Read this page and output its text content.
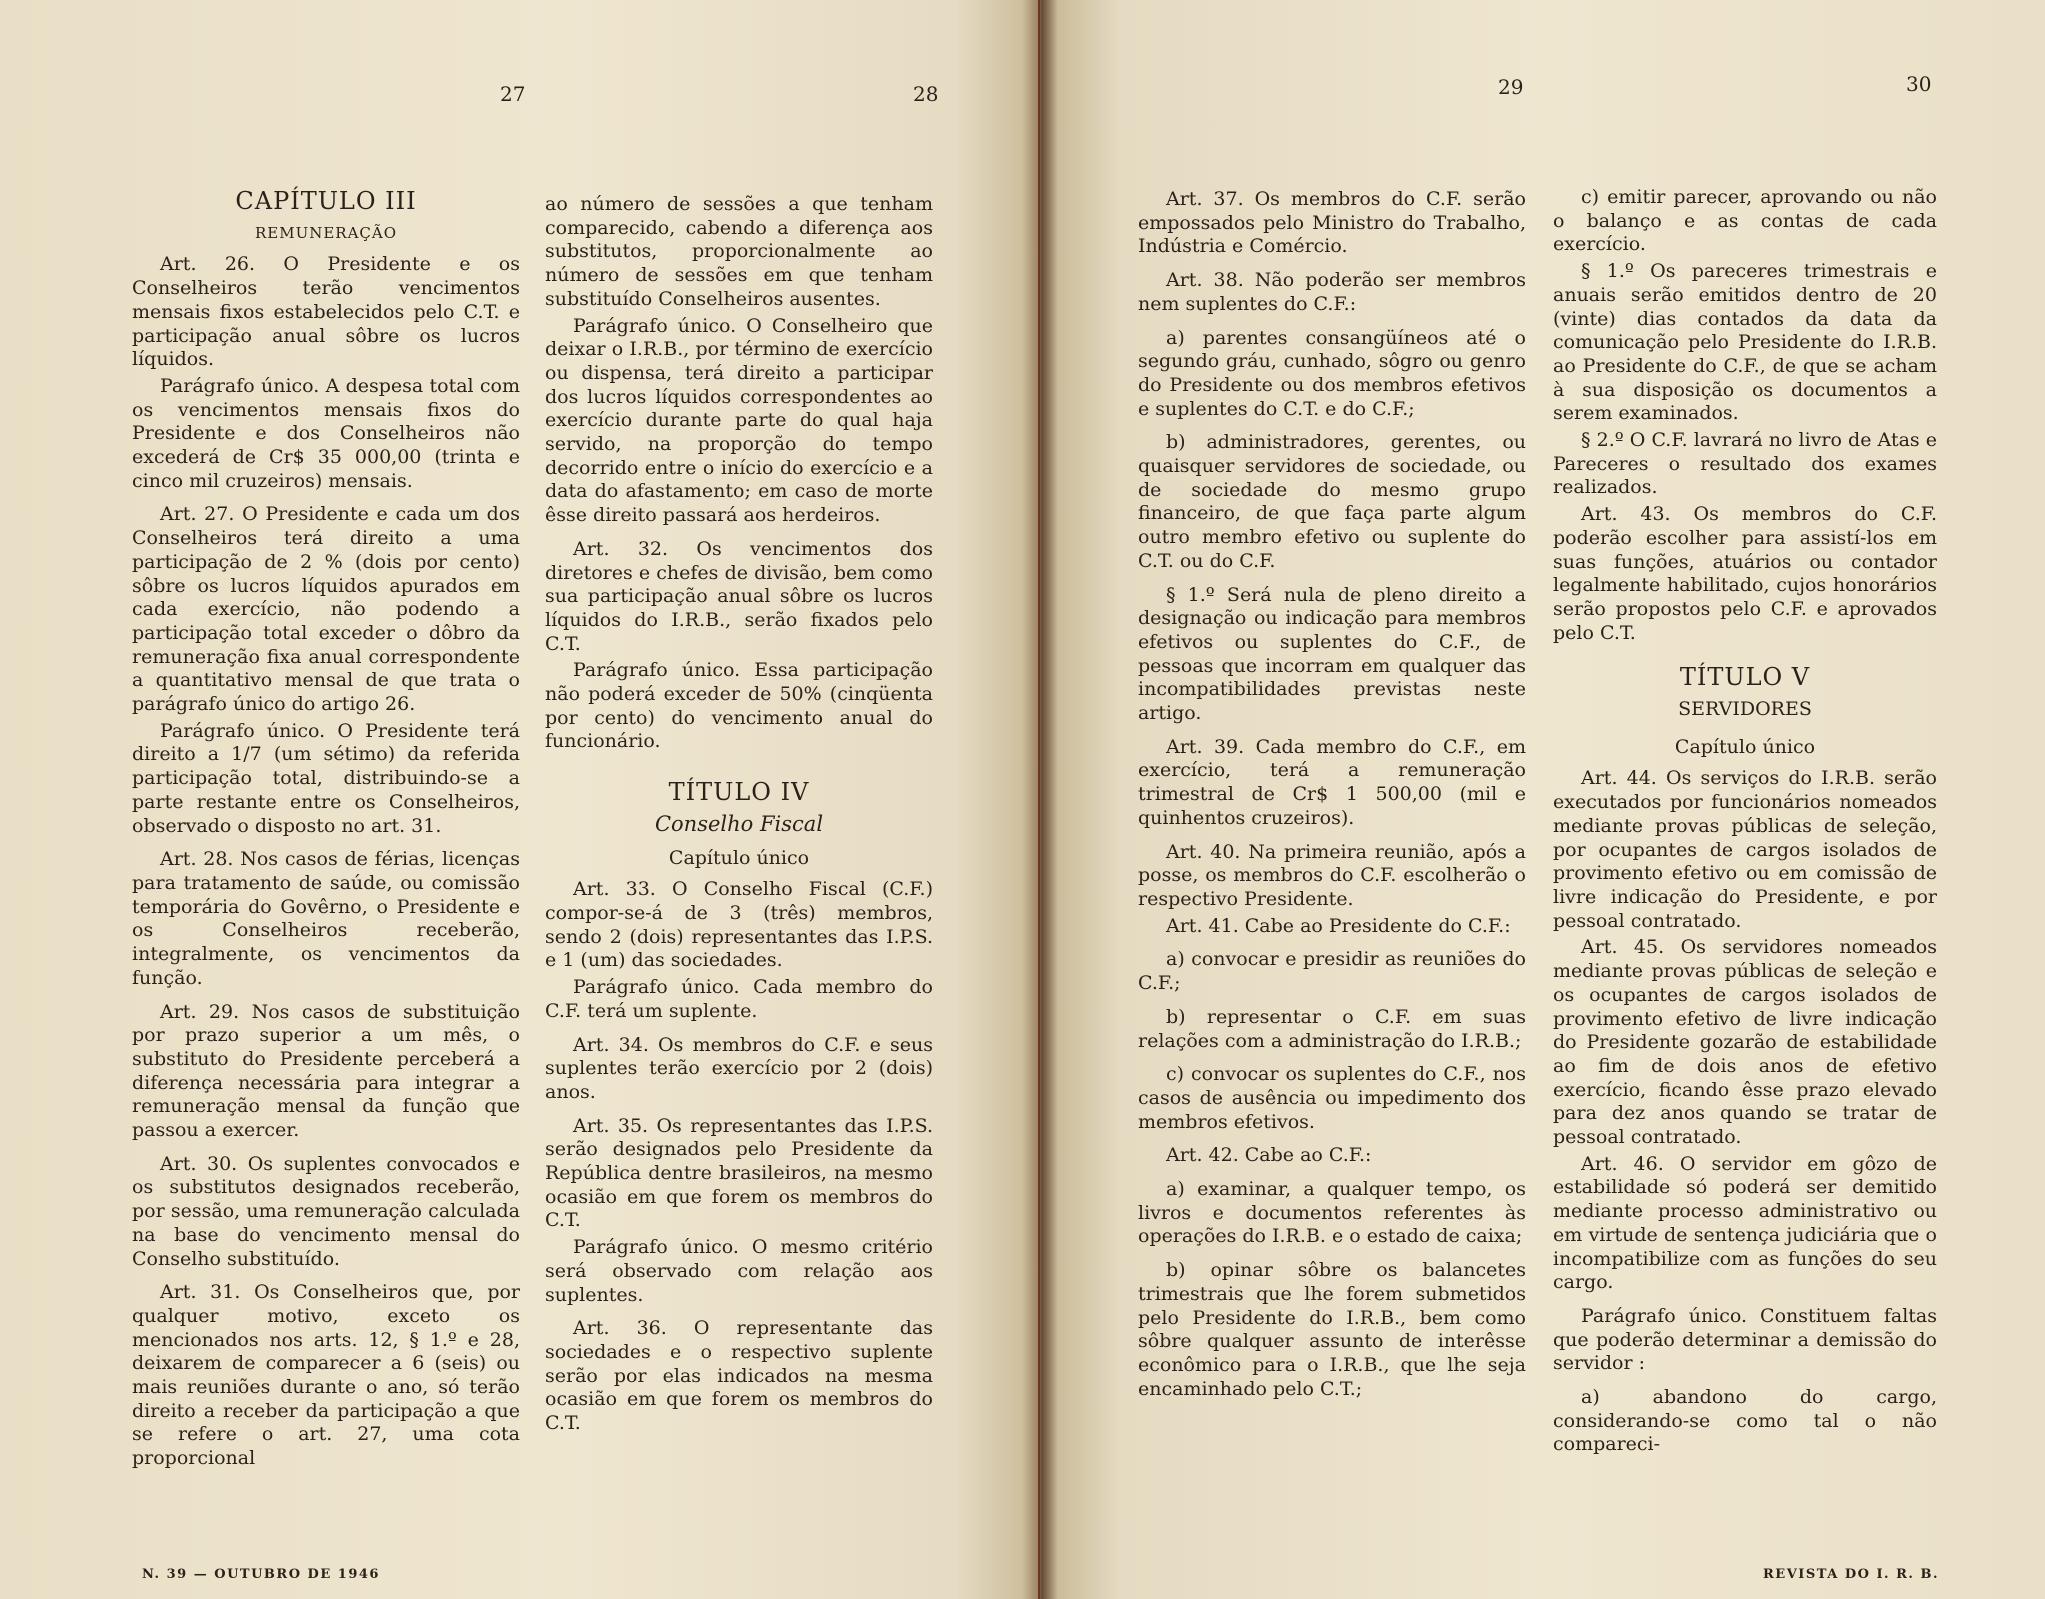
27	28	29	30
CAPÍTULO III
REMUNERAÇÃO

Art. 26. O Presidente e os Conselheiros terão vencimentos mensais fixos estabelecidos pelo C.T. e participação anual sôbre os lucros líquidos.

Parágrafo único. A despesa total com os vencimentos mensais fixos do Presidente e dos Conselheiros não excederá de Cr$ 35 000,00 (trinta e cinco mil cruzeiros) mensais.

Art. 27. O Presidente e cada um dos Conselheiros terá direito a uma participação de 2 % (dois por cento) sôbre os lucros líquidos apurados em cada exercício, não podendo a participação total exceder o dôbro da remuneração fixa anual correspondente a quantitativo mensal de que trata o parágrafo único do artigo 26.

Parágrafo único. O Presidente terá direito a 1/7 (um sétimo) da referida participação total, distribuindo-se a parte restante entre os Conselheiros, observado o disposto no art. 31.

Art. 28. Nos casos de férias, licenças para tratamento de saúde, ou comissão temporária do Govêrno, o Presidente e os Conselheiros receberão, integralmente, os vencimentos da função.

Art. 29. Nos casos de substituição por prazo superior a um mês, o substituto do Presidente perceberá a diferença necessária para integrar a remuneração mensal da função que passou a exercer.

Art. 30. Os suplentes convocados e os substitutos designados receberão, por sessão, uma remuneração calculada na base do vencimento mensal do Conselho substituído.

Art. 31. Os Conselheiros que, por qualquer motivo, exceto os mencionados nos arts. 12, § 1.º e 28, deixarem de comparecer a 6 (seis) ou mais reuniões durante o ano, só terão direito a receber da participação a que se refere o art. 27, uma cota proporcional

ao número de sessões a que tenham comparecido, cabendo a diferença aos substitutos, proporcionalmente ao número de sessões em que tenham substituído Conselheiros ausentes.

Parágrafo único. O Conselheiro que deixar o I.R.B., por término de exercício ou dispensa, terá direito a participar dos lucros líquidos correspondentes ao exercício durante parte do qual haja servido, na proporção do tempo decorrido entre o início do exercício e a data do afastamento; em caso de morte êsse direito passará aos herdeiros.

Art. 32. Os vencimentos dos diretores e chefes de divisão, bem como sua participação anual sôbre os lucros líquidos do I.R.B., serão fixados pelo C.T.

Parágrafo único. Essa participação não poderá exceder de 50% (cinqüenta por cento) do vencimento anual do funcionário.

TÍTULO IV
Conselho Fiscal
Capítulo único

Art. 33. O Conselho Fiscal (C.F.) compor-se-á de 3 (três) membros, sendo 2 (dois) representantes das I.P.S. e 1 (um) das sociedades.

Parágrafo único. Cada membro do C.F. terá um suplente.

Art. 34. Os membros do C.F. e seus suplentes terão exercício por 2 (dois) anos.

Art. 35. Os representantes das I.P.S. serão designados pelo Presidente da República dentre brasileiros, na mesmo ocasião em que forem os membros do C.T.

Parágrafo único. O mesmo critério será observado com relação aos suplentes.

Art. 36. O representante das sociedades e o respectivo suplente serão por elas indicados na mesma ocasião em que forem os membros do C.T.

Art. 37. Os membros do C.F. serão empossados pelo Ministro do Trabalho, Indústria e Comércio.

Art. 38. Não poderão ser membros nem suplentes do C.F.:

a) parentes consangüíneos até o segundo gráu, cunhado, sôgro ou genro do Presidente ou dos membros efetivos e suplentes do C.T. e do C.F.;

b) administradores, gerentes, ou quaisquer servidores de sociedade, ou de sociedade do mesmo grupo financeiro, de que faça parte algum outro membro efetivo ou suplente do C.T. ou do C.F.

§ 1.º Será nula de pleno direito a designação ou indicação para membros efetivos ou suplentes do C.F., de pessoas que incorram em qualquer das incompatibilidades previstas neste artigo.

Art. 39. Cada membro do C.F., em exercício, terá a remuneração trimestral de Cr$ 1 500,00 (mil e quinhentos cruzeiros).

Art. 40. Na primeira reunião, após a posse, os membros do C.F. escolherão o respectivo Presidente.

Art. 41. Cabe ao Presidente do C.F.:

a) convocar e presidir as reuniões do C.F.;

b) representar o C.F. em suas relações com a administração do I.R.B.;

c) convocar os suplentes do C.F., nos casos de ausência ou impedimento dos membros efetivos.

Art. 42. Cabe ao C.F.:

a) examinar, a qualquer tempo, os livros e documentos referentes às operações do I.R.B. e o estado de caixa;

b) opinar sôbre os balancetes trimestrais que lhe forem submetidos pelo Presidente do I.R.B., bem como sôbre qualquer assunto de interêsse econômico para o I.R.B., que lhe seja encaminhado pelo C.T.;

c) emitir parecer, aprovando ou não o balanço e as contas de cada exercício.

§ 1.º Os pareceres trimestrais e anuais serão emitidos dentro de 20 (vinte) dias contados da data da comunicação pelo Presidente do I.R.B. ao Presidente do C.F., de que se acham à sua disposição os documentos a serem examinados.

§ 2.º O C.F. lavrará no livro de Atas e Pareceres o resultado dos exames realizados.

Art. 43. Os membros do C.F. poderão escolher para assistí-los em suas funções, atuários ou contador legalmente habilitado, cujos honorários serão propostos pelo C.F. e aprovados pelo C.T.

TÍTULO V
SERVIDORES
Capítulo único

Art. 44. Os serviços do I.R.B. serão executados por funcionários nomeados mediante provas públicas de seleção, por ocupantes de cargos isolados de provimento efetivo ou em comissão de livre indicação do Presidente, e por pessoal contratado.

Art. 45. Os servidores nomeados mediante provas públicas de seleção e os ocupantes de cargos isolados de provimento efetivo de livre indicação do Presidente gozarão de estabilidade ao fim de dois anos de efetivo exercício, ficando êsse prazo elevado para dez anos quando se tratar de pessoal contratado.

Art. 46. O servidor em gôzo de estabilidade só poderá ser demitido mediante processo administrativo ou em virtude de sentença judiciária que o incompatibilize com as funções do seu cargo.

Parágrafo único. Constituem faltas que poderão determinar a demissão do servidor :

a) abandono do cargo, considerando-se como tal o não compareci-

N. 39 — OUTUBRO DE 1946	REVISTA DO I. R. B.
